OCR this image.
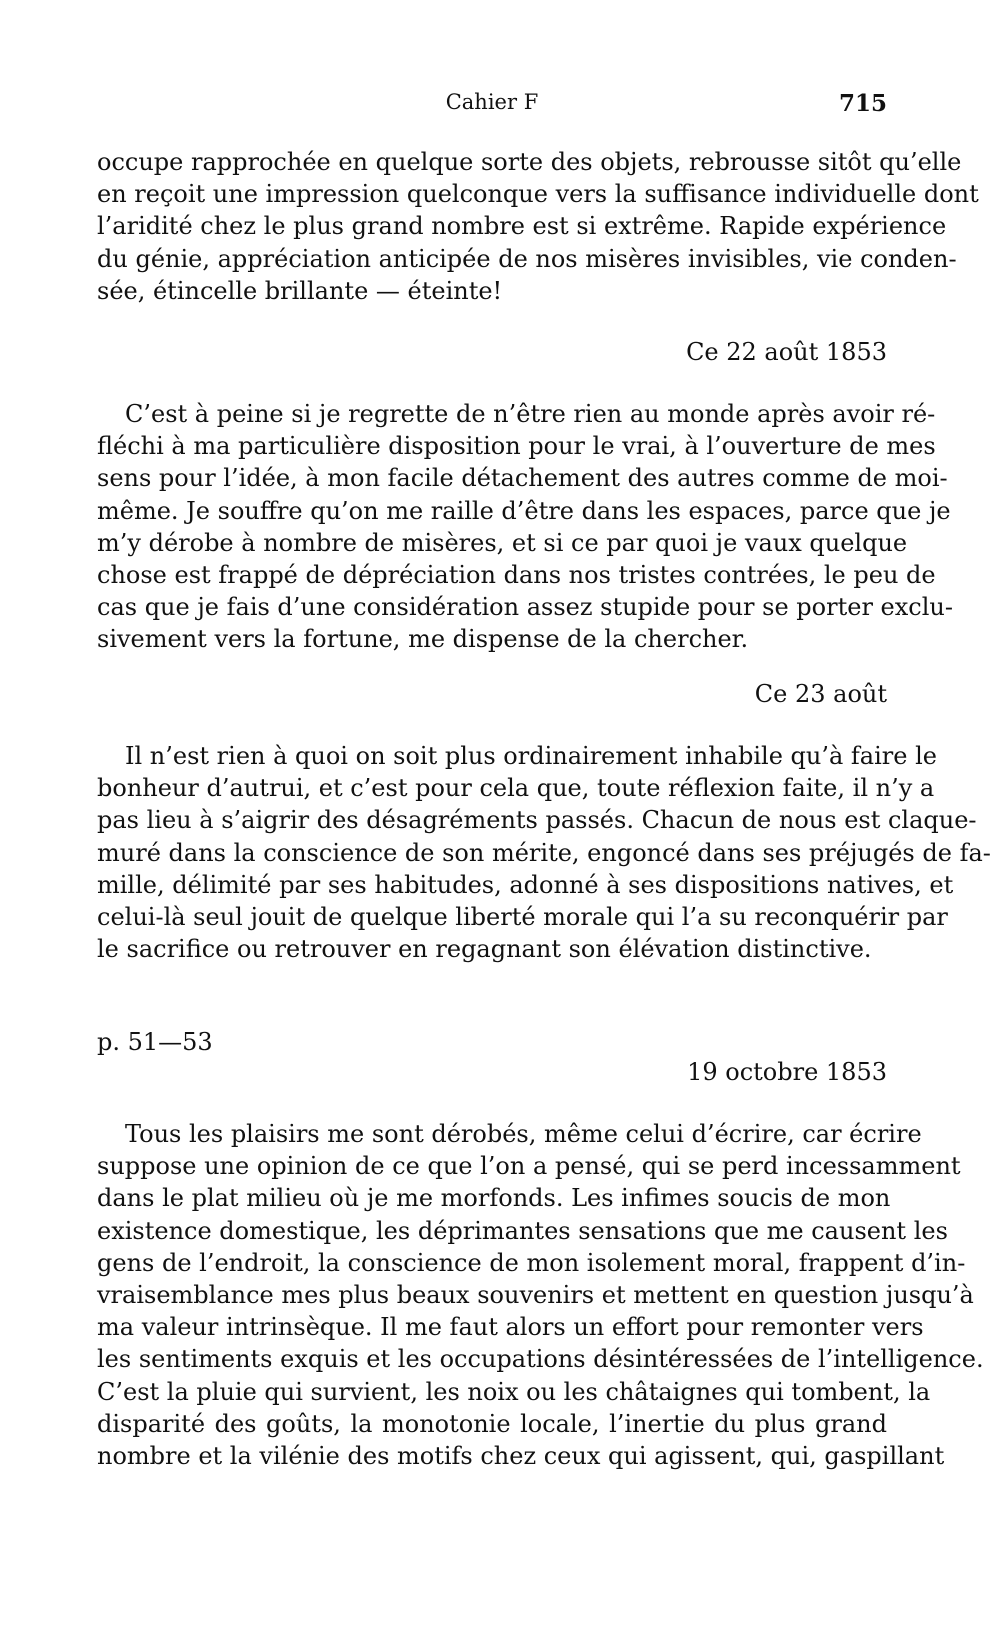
Cahier F	715
occupe rapprochée en quelque sorte des objets, rebrousse sitôt qu’elle
en reçoit une impression quelconque vers la suffisance individuelle dont
l’aridité chez le plus grand nombre est si extrême. Rapide expérience
du génie, appréciation anticipée de nos misères invisibles, vie conden-
sée, étincelle brillante — éteinte!
Ce 22 août 1853
C’est à peine si je regrette de n’être rien au monde après avoir ré-
fléchi à ma particulière disposition pour le vrai, à l’ouverture de mes
sens pour l’idée, à mon facile détachement des autres comme de moi-
même. Je souffre qu’on me raille d’être dans les espaces, parce que je
m’y dérobe à nombre de misères, et si ce par quoi je vaux quelque
chose est frappé de dépréciation dans nos tristes contrées, le peu de
cas que je fais d’une considération assez stupide pour se porter exclu-
sivement vers la fortune, me dispense de la chercher.
Ce 23 août
Il n’est rien à quoi on soit plus ordinairement inhabile qu’à faire le
bonheur d’autrui, et c’est pour cela que, toute réflexion faite, il n’y a
pas lieu à s’aigrir des désagréments passés. Chacun de nous est claque-
muré dans la conscience de son mérite, engoncé dans ses préjugés de fa-
mille, délimité par ses habitudes, adonné à ses dispositions natives, et
celui-là seul jouit de quelque liberté morale qui l’a su reconquérir par
le sacrifice ou retrouver en regagnant son élévation distinctive.
p. 51—53
19 octobre 1853
Tous les plaisirs me sont dérobés, même celui d’écrire, car écrire
suppose une opinion de ce que l’on a pensé, qui se perd incessamment
dans le plat milieu où je me morfonds. Les infimes soucis de mon
existence domestique, les déprimantes sensations que me causent les
gens de l’endroit, la conscience de mon isolement moral, frappent d’in-
vraisemblance mes plus beaux souvenirs et mettent en question jusqu’à
ma valeur intrinsèque. Il me faut alors un effort pour remonter vers
les sentiments exquis et les occupations désintéressées de l’intelligence.
C’est la pluie qui survient, les noix ou les châtaignes qui tombent, la
disparité des goûts, la monotonie locale, l’inertie du plus grand
nombre et la vilénie des motifs chez ceux qui agissent, qui, gaspillant
